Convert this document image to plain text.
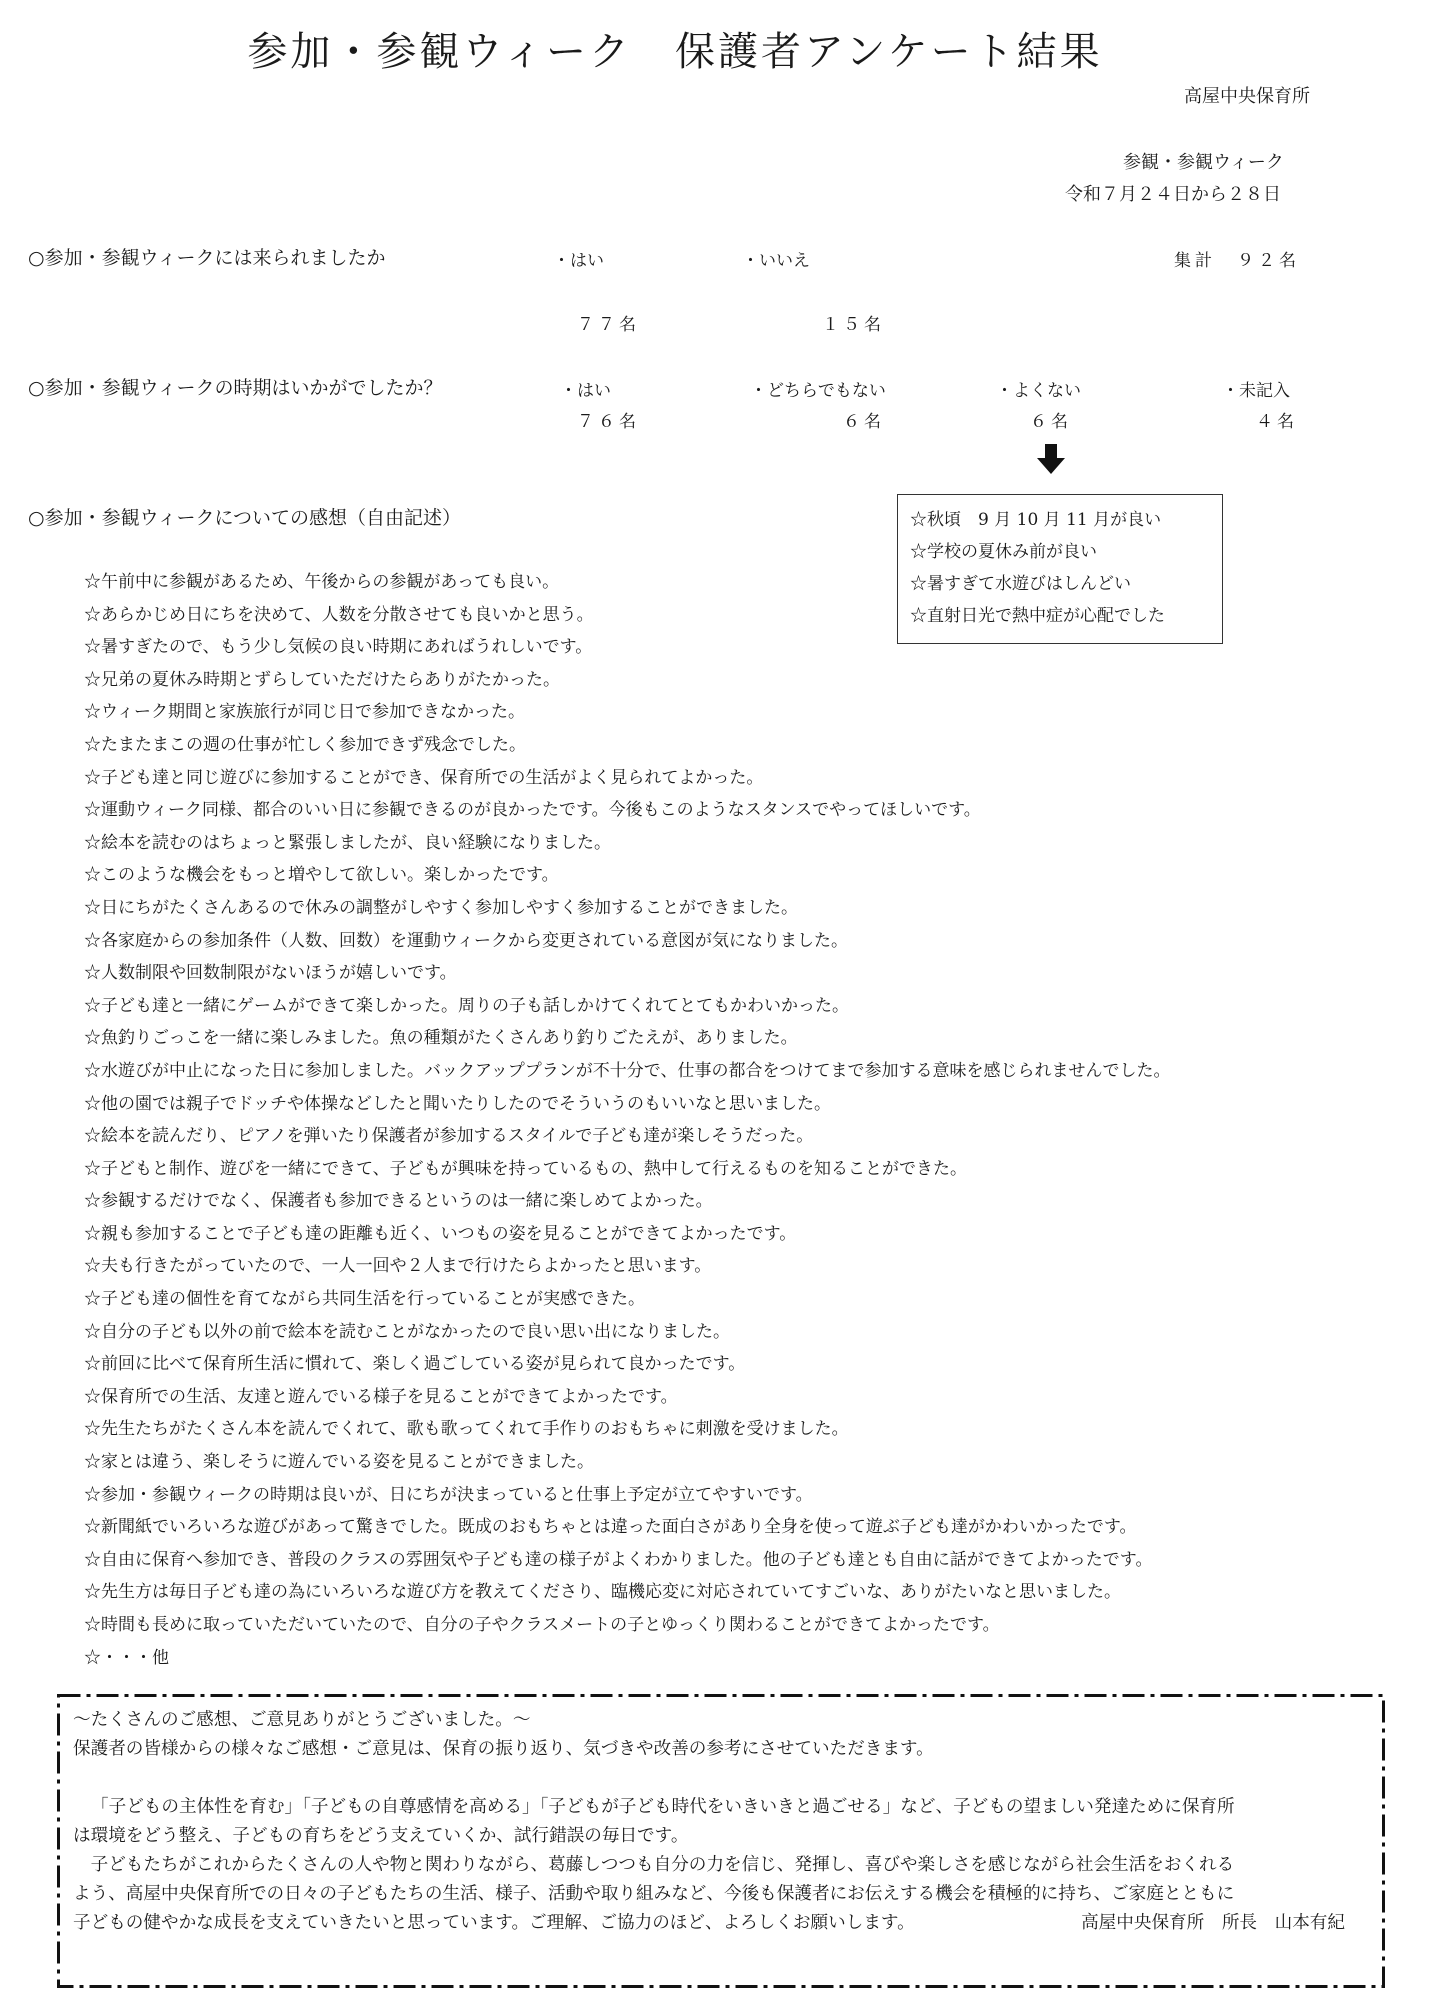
参加・参観ウィーク　保護者アンケート結果
高屋中央保育所
参観・参観ウィーク
令和７月２４日から２８日
○参加・参観ウィークには来られましたか	・はい	・いいえ	集計　９２名
７７名	１５名
○参加・参観ウィークの時期はいかがでしたか？	・はい	・どちらでもない	・よくない	・未記入
７６名	６名	６名	４名
○参加・参観ウィークについての感想（自由記述）	☆秋頃　9 月 10 月 11 月が良い
☆学校の夏休み前が良い
☆暑すぎて水遊びはしんどい
☆直射日光で熱中症が心配でした
☆午前中に参観があるため、午後からの参観があっても良い。
☆あらかじめ日にちを決めて、人数を分散させても良いかと思う。
☆暑すぎたので、もう少し気候の良い時期にあればうれしいです。
☆兄弟の夏休み時期とずらしていただけたらありがたかった。
☆ウィーク期間と家族旅行が同じ日で参加できなかった。
☆たまたまこの週の仕事が忙しく参加できず残念でした。
☆子ども達と同じ遊びに参加することができ、保育所での生活がよく見られてよかった。
☆運動ウィーク同様、都合のいい日に参観できるのが良かったです。今後もこのようなスタンスでやってほしいです。
☆絵本を読むのはちょっと緊張しましたが、良い経験になりました。
☆このような機会をもっと増やして欲しい。楽しかったです。
☆日にちがたくさんあるので休みの調整がしやすく参加しやすく参加することができました。
☆各家庭からの参加条件（人数、回数）を運動ウィークから変更されている意図が気になりました。
☆人数制限や回数制限がないほうが嬉しいです。
☆子ども達と一緒にゲームができて楽しかった。周りの子も話しかけてくれてとてもかわいかった。
☆魚釣りごっこを一緒に楽しみました。魚の種類がたくさんあり釣りごたえが、ありました。
☆水遊びが中止になった日に参加しました。バックアッププランが不十分で、仕事の都合をつけてまで参加する意味を感じられませんでした。
☆他の園では親子でドッチや体操などしたと聞いたりしたのでそういうのもいいなと思いました。
☆絵本を読んだり、ピアノを弾いたり保護者が参加するスタイルで子ども達が楽しそうだった。
☆子どもと制作、遊びを一緒にできて、子どもが興味を持っているもの、熱中して行えるものを知ることができた。
☆参観するだけでなく、保護者も参加できるというのは一緒に楽しめてよかった。
☆親も参加することで子ども達の距離も近く、いつもの姿を見ることができてよかったです。
☆夫も行きたがっていたので、一人一回や２人まで行けたらよかったと思います。
☆子ども達の個性を育てながら共同生活を行っていることが実感できた。
☆自分の子ども以外の前で絵本を読むことがなかったので良い思い出になりました。
☆前回に比べて保育所生活に慣れて、楽しく過ごしている姿が見られて良かったです。
☆保育所での生活、友達と遊んでいる様子を見ることができてよかったです。
☆先生たちがたくさん本を読んでくれて、歌も歌ってくれて手作りのおもちゃに刺激を受けました。
☆家とは違う、楽しそうに遊んでいる姿を見ることができました。
☆参加・参観ウィークの時期は良いが、日にちが決まっていると仕事上予定が立てやすいです。
☆新聞紙でいろいろな遊びがあって驚きでした。既成のおもちゃとは違った面白さがあり全身を使って遊ぶ子ども達がかわいかったです。
☆自由に保育へ参加でき、普段のクラスの雰囲気や子ども達の様子がよくわかりました。他の子ども達とも自由に話ができてよかったです。
☆先生方は毎日子ども達の為にいろいろな遊び方を教えてくださり、臨機応変に対応されていてすごいな、ありがたいなと思いました。
☆時間も長めに取っていただいていたので、自分の子やクラスメートの子とゆっくり関わることができてよかったです。
☆・・・他
～たくさんのご感想、ご意見ありがとうございました。～
保護者の皆様からの様々なご感想・ご意見は、保育の振り返り、気づきや改善の参考にさせていただきます。
「子どもの主体性を育む」「子どもの自尊感情を高める」「子どもが子ども時代をいきいきと過ごせる」など、子どもの望ましい発達ために保育所
は環境をどう整え、子どもの育ちをどう支えていくか、試行錯誤の毎日です。
　子どもたちがこれからたくさんの人や物と関わりながら、葛藤しつつも自分の力を信じ、発揮し、喜びや楽しさを感じながら社会生活をおくれる
よう、高屋中央保育所での日々の子どもたちの生活、様子、活動や取り組みなど、今後も保護者にお伝えする機会を積極的に持ち、ご家庭とともに
子どもの健やかな成長を支えていきたいと思っています。ご理解、ご協力のほど、よろしくお願いします。	高屋中央保育所　所長　山本有紀
